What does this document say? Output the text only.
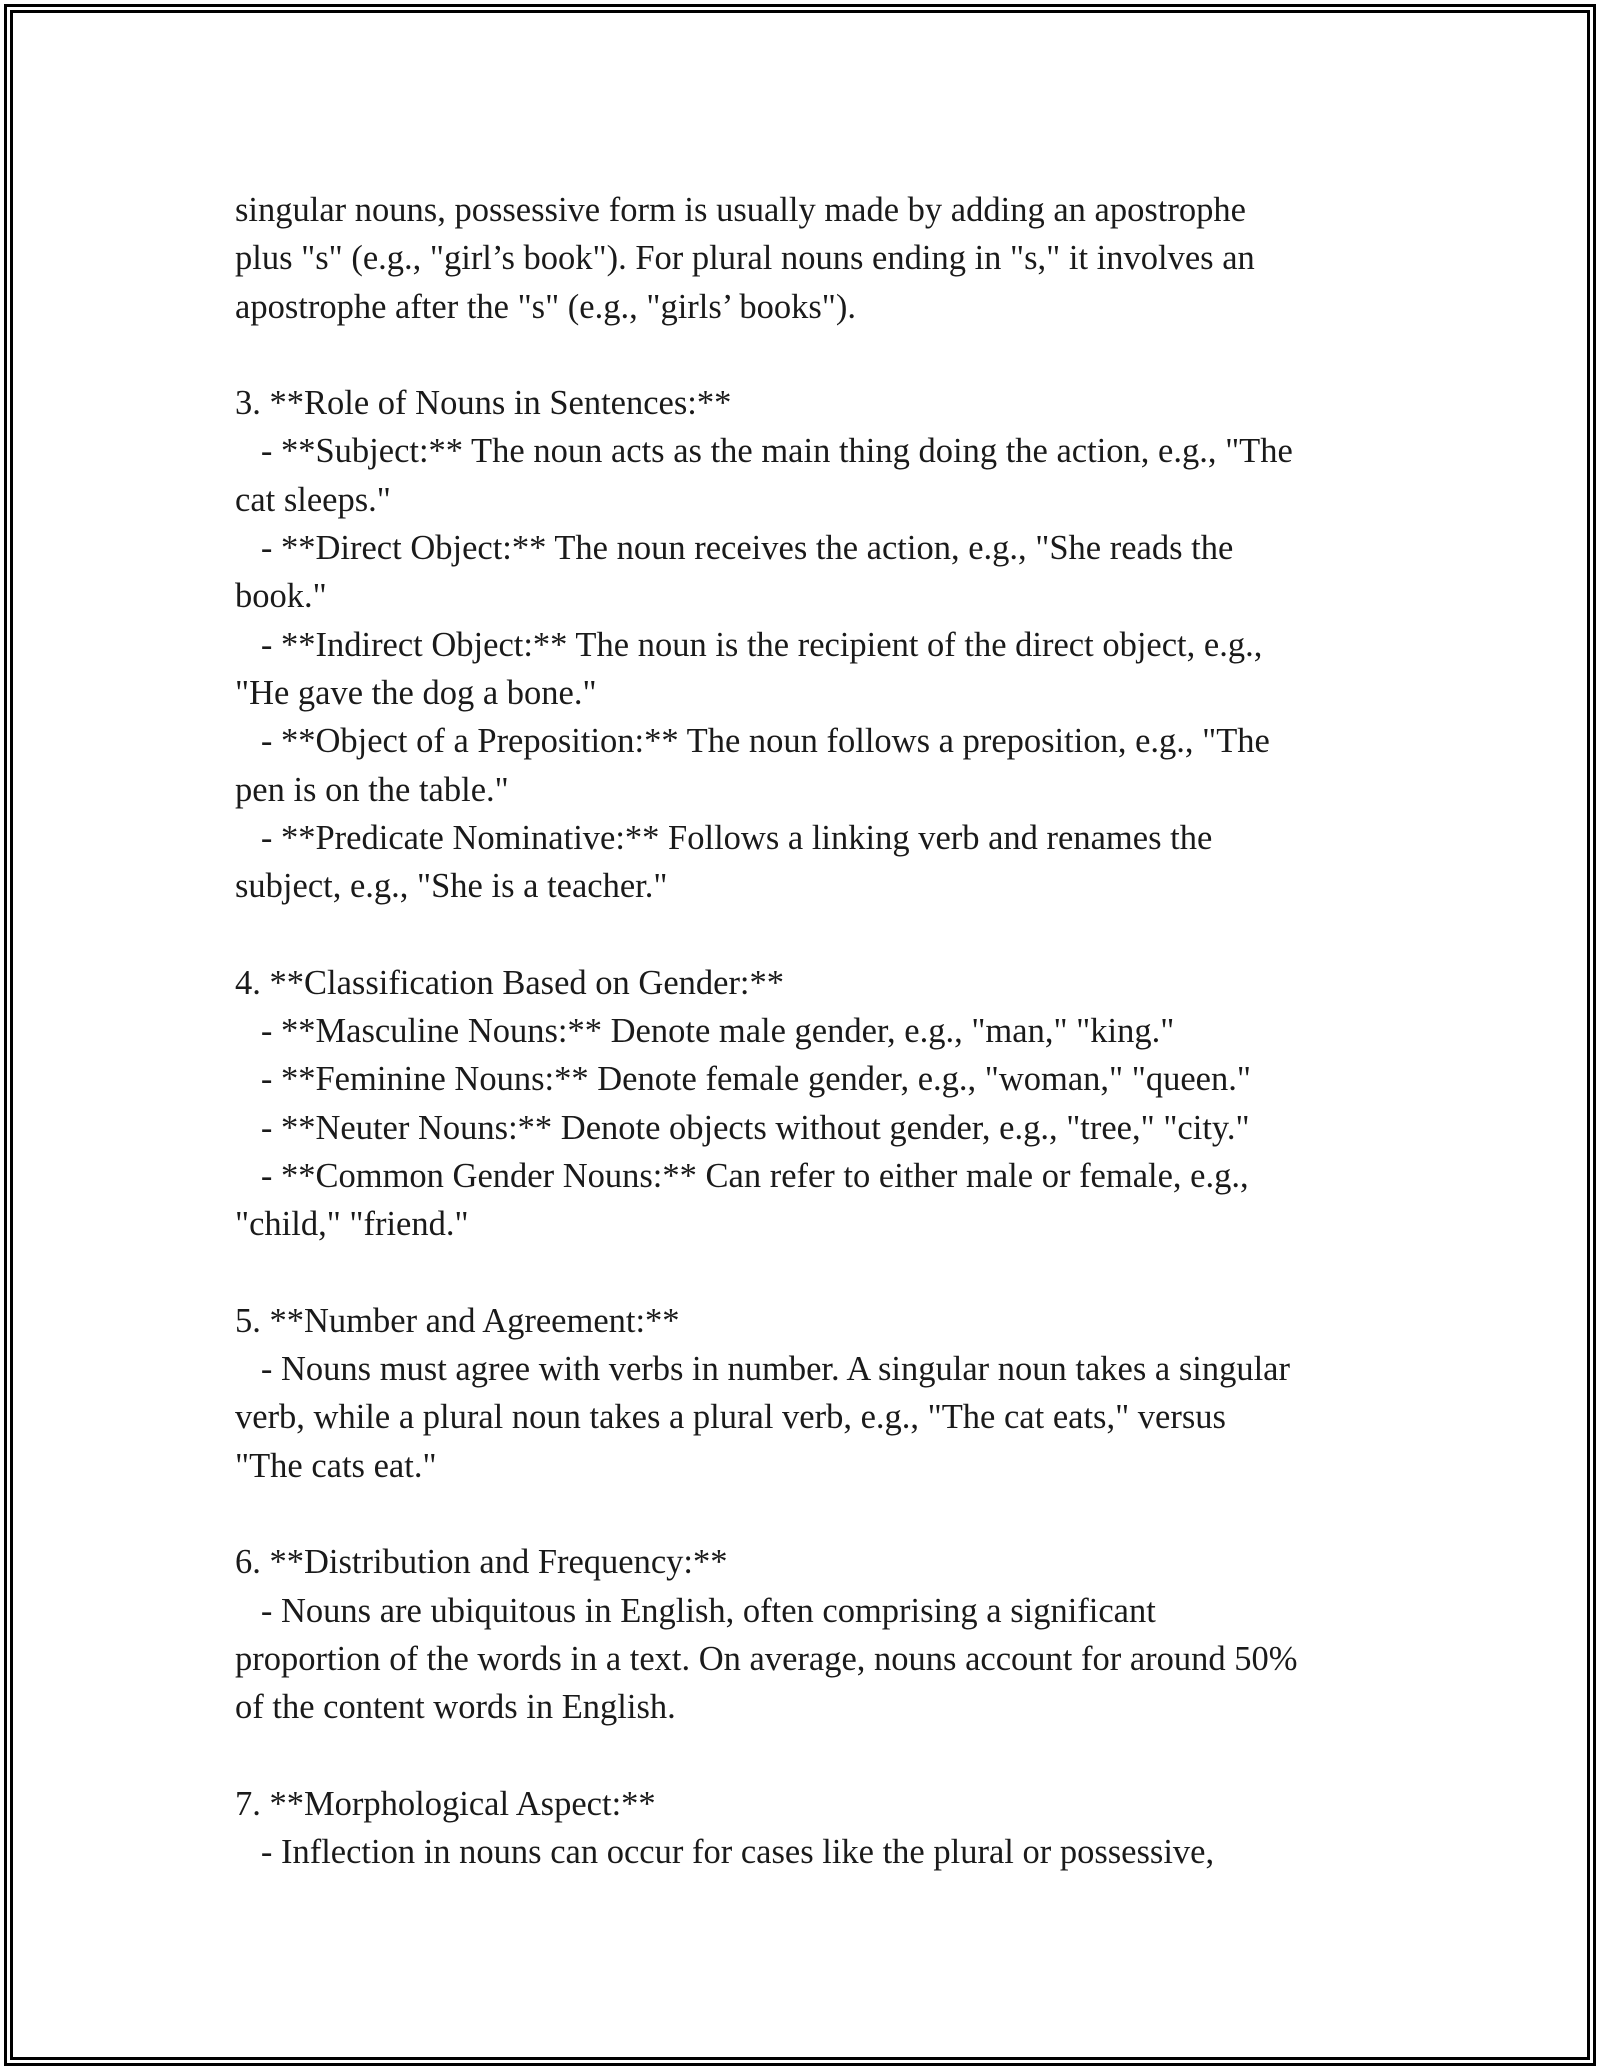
singular nouns, possessive form is usually made by adding an apostrophe
plus "s" (e.g., "girl’s book"). For plural nouns ending in "s," it involves an
apostrophe after the "s" (e.g., "girls’ books").
3. **Role of Nouns in Sentences:**
- **Subject:** The noun acts as the main thing doing the action, e.g., "The
cat sleeps."
- **Direct Object:** The noun receives the action, e.g., "She reads the
book."
- **Indirect Object:** The noun is the recipient of the direct object, e.g.,
"He gave the dog a bone."
- **Object of a Preposition:** The noun follows a preposition, e.g., "The
pen is on the table."
- **Predicate Nominative:** Follows a linking verb and renames the
subject, e.g., "She is a teacher."
4. **Classification Based on Gender:**
- **Masculine Nouns:** Denote male gender, e.g., "man," "king."
- **Feminine Nouns:** Denote female gender, e.g., "woman," "queen."
- **Neuter Nouns:** Denote objects without gender, e.g., "tree," "city."
- **Common Gender Nouns:** Can refer to either male or female, e.g.,
"child," "friend."
5. **Number and Agreement:**
- Nouns must agree with verbs in number. A singular noun takes a singular
verb, while a plural noun takes a plural verb, e.g., "The cat eats," versus
"The cats eat."
6. **Distribution and Frequency:**
- Nouns are ubiquitous in English, often comprising a significant
proportion of the words in a text. On average, nouns account for around 50%
of the content words in English.
7. **Morphological Aspect:**
- Inflection in nouns can occur for cases like the plural or possessive,
